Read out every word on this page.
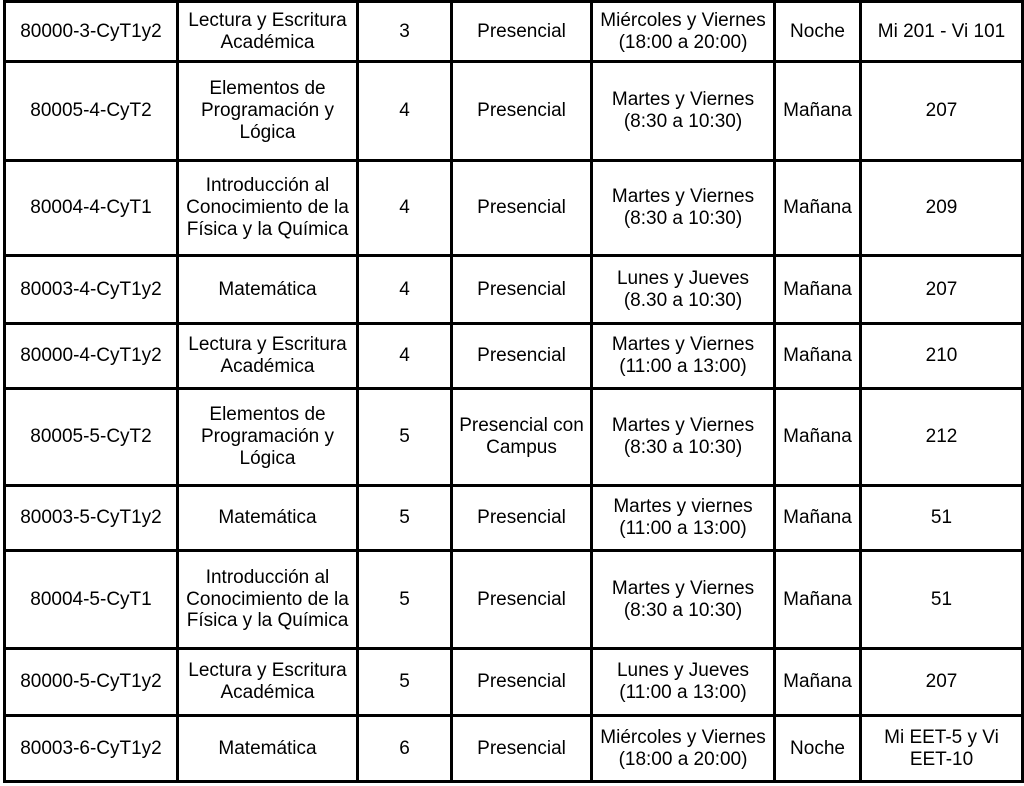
80000-3-CyT1y2	Lectura y Escritura Académica	3	Presencial	Miércoles y Viernes
(18:00 a 20:00)	Noche	Mi 201 - Vi 101
80005-4-CyT2	Elementos de Programación y Lógica	4	Presencial	Martes y Viernes
(8:30 a 10:30)	Mañana	207
80004-4-CyT1	Introducción al Conocimiento de la Física y la Química	4	Presencial	Martes y Viernes
(8:30 a 10:30)	Mañana	209
80003-4-CyT1y2	Matemática	4	Presencial	Lunes y Jueves
(8.30 a 10:30)	Mañana	207
80000-4-CyT1y2	Lectura y Escritura Académica	4	Presencial	Martes y Viernes
(11:00 a 13:00)	Mañana	210
80005-5-CyT2	Elementos de Programación y Lógica	5	Presencial con Campus	Martes y Viernes
(8:30 a 10:30)	Mañana	212
80003-5-CyT1y2	Matemática	5	Presencial	Martes y viernes
(11:00 a 13:00)	Mañana	51
80004-5-CyT1	Introducción al Conocimiento de la Física y la Química	5	Presencial	Martes y Viernes
(8:30 a 10:30)	Mañana	51
80000-5-CyT1y2	Lectura y Escritura Académica	5	Presencial	Lunes y Jueves
(11:00 a 13:00)	Mañana	207
80003-6-CyT1y2	Matemática	6	Presencial	Miércoles y Viernes
(18:00 a 20:00)	Noche	Mi EET-5 y Vi EET-10
